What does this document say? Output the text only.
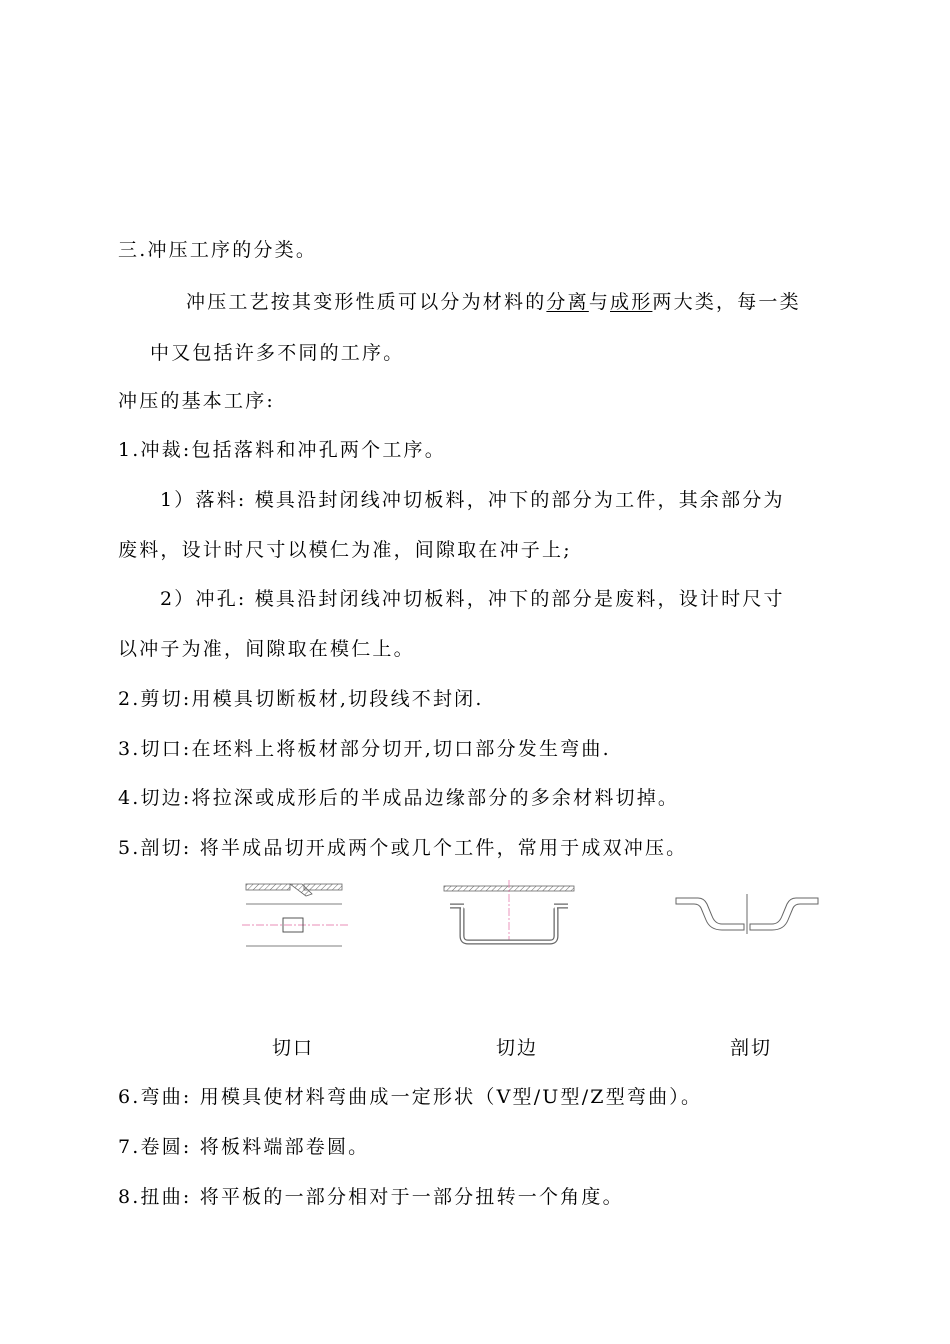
三.冲压工序的分类。
冲压工艺按其变形性质可以分为材料的分离与成形两大类，每一类
中又包括许多不同的工序。
冲压的基本工序:
1.冲裁:包括落料和冲孔两个工序。
1）落料: 模具沿封闭线冲切板料，冲下的部分为工件，其余部分为
废料，设计时尺寸以模仁为准，间隙取在冲子上;
2）冲孔: 模具沿封闭线冲切板料，冲下的部分是废料，设计时尺寸
以冲子为准，间隙取在模仁上。
2.剪切:用模具切断板材,切段线不封闭.
3.切口:在坯料上将板材部分切开,切口部分发生弯曲.
4.切边:将拉深或成形后的半成品边缘部分的多余材料切掉。
5.剖切: 将半成品切开成两个或几个工件，常用于成双冲压。
切口	切边	剖切
6.弯曲: 用模具使材料弯曲成一定形状（V型/U型/Z型弯曲）。
7.卷圆: 将板料端部卷圆。
8.扭曲: 将平板的一部分相对于一部分扭转一个角度。
